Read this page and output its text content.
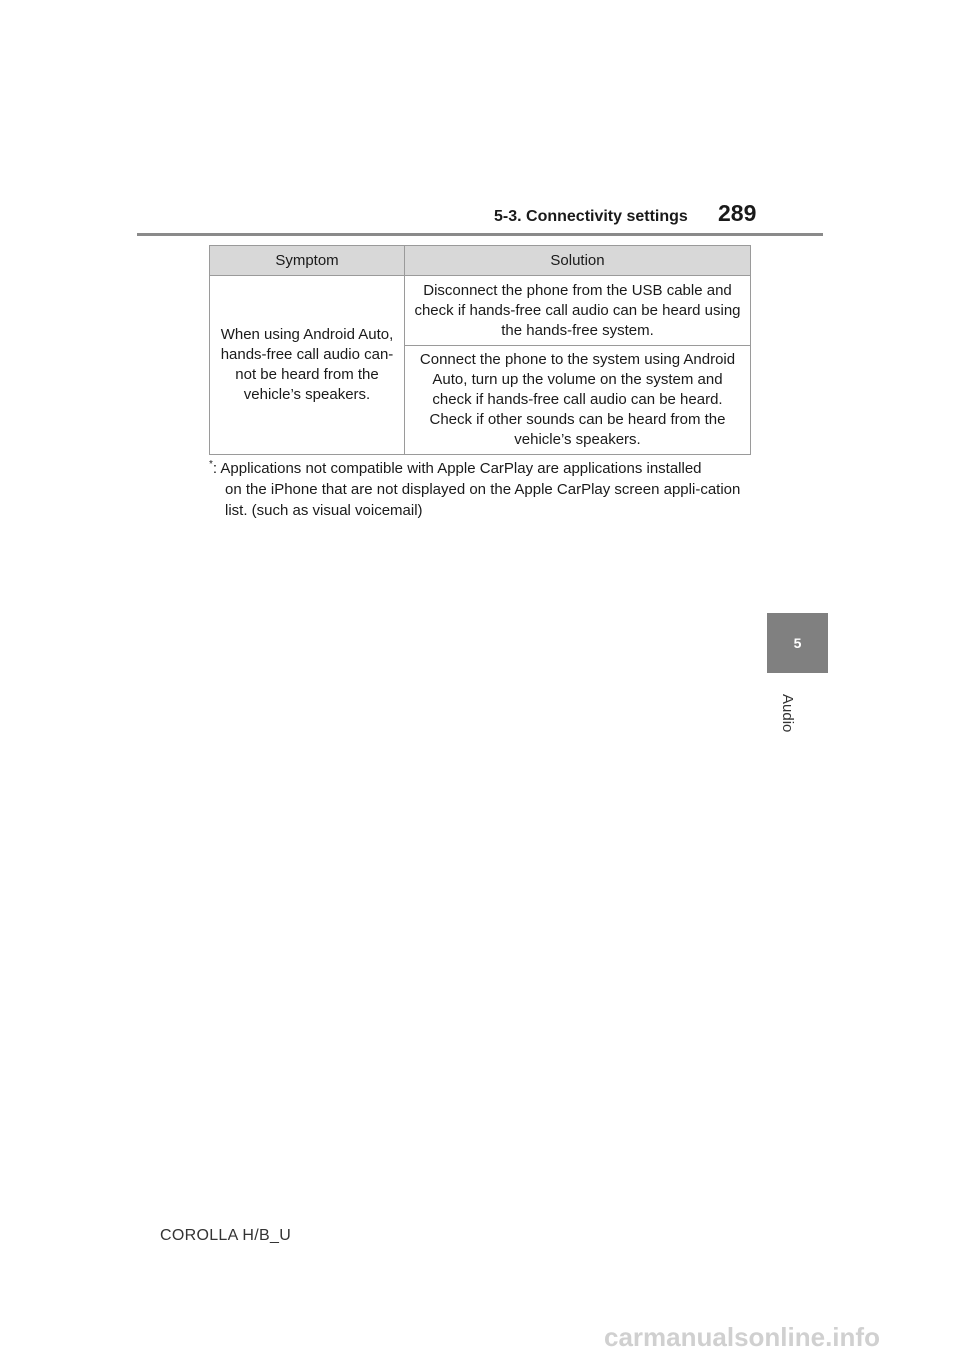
5-3. Connectivity settings	289
5
Audio
Symptom	Solution
When using Android Auto, hands-free call audio can-not be heard from the vehicle’s speakers.	Disconnect the phone from the USB cable and check if hands-free call audio can be heard using the hands-free system.
	Connect the phone to the system using Android Auto, turn up the volume on the system and check if hands-free call audio can be heard. Check if other sounds can be heard from the vehicle’s speakers.
*: Applications not compatible with Apple CarPlay are applications installed
on the iPhone that are not displayed on the Apple CarPlay screen appli-cation list. (such as visual voicemail)
COROLLA H/B_U
carmanualsonline.info
